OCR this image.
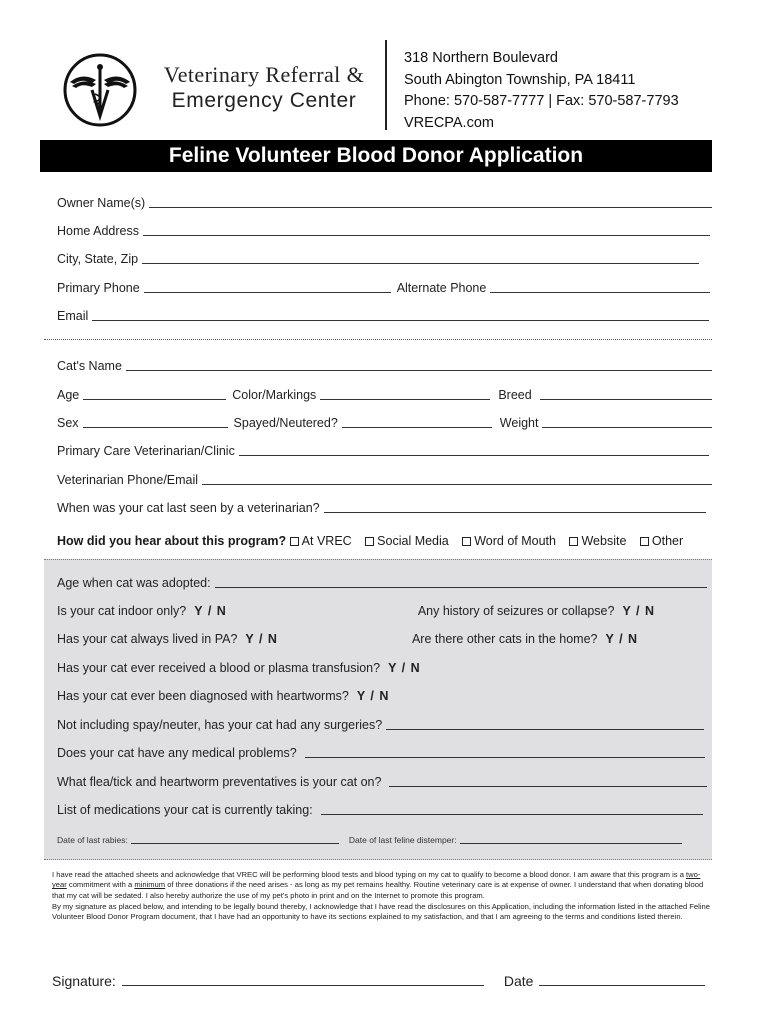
Veterinary Referral &
Emergency Center
318 Northern Boulevard
South Abington Township, PA 18411
Phone: 570-587-7777 | Fax: 570-587-7793
VRECPA.com
Feline Volunteer Blood Donor Application
Owner Name(s)
Home Address
City, State, Zip
Primary Phone	Alternate Phone
Email
Cat's Name
Age	Color/Markings	Breed
Sex	Spayed/Neutered?	Weight
Primary Care Veterinarian/Clinic
Veterinarian Phone/Email
When was your cat last seen by a veterinarian?
How did you hear about this program? At VREC Social Media Word of Mouth Website Other
Age when cat was adopted:
Is your cat indoor only? Y / N	Any history of seizures or collapse? Y / N
Has your cat always lived in PA? Y / N	Are there other cats in the home? Y / N
Has your cat ever received a blood or plasma transfusion? Y / N
Has your cat ever been diagnosed with heartworms? Y / N
Not including spay/neuter, has your cat had any surgeries?
Does your cat have any medical problems?
What flea/tick and heartworm preventatives is your cat on?
List of medications your cat is currently taking:
Date of last rabies:	Date of last feline distemper:

I have read the attached sheets and acknowledge that VREC will be performing blood tests and blood typing on my cat to qualify to become a blood donor. I am aware that this program is a two-year commitment with a minimum of three donations if the need arises - as long as my pet remains healthy. Routine veterinary care is at expense of owner. I understand that when donating blood that my cat will be sedated. I also hereby authorize the use of my pet's photo in print and on the Internet to promote this program.

By my signature as placed below, and intending to be legally bound thereby, I acknowledge that I have read the disclosures on this Application, including the information listed in the attached Feline Volunteer Blood Donor Program document, that I have had an opportunity to have its sections explained to my satisfaction, and that I am agreeing to the terms and conditions listed therein.

Signature:	Date
